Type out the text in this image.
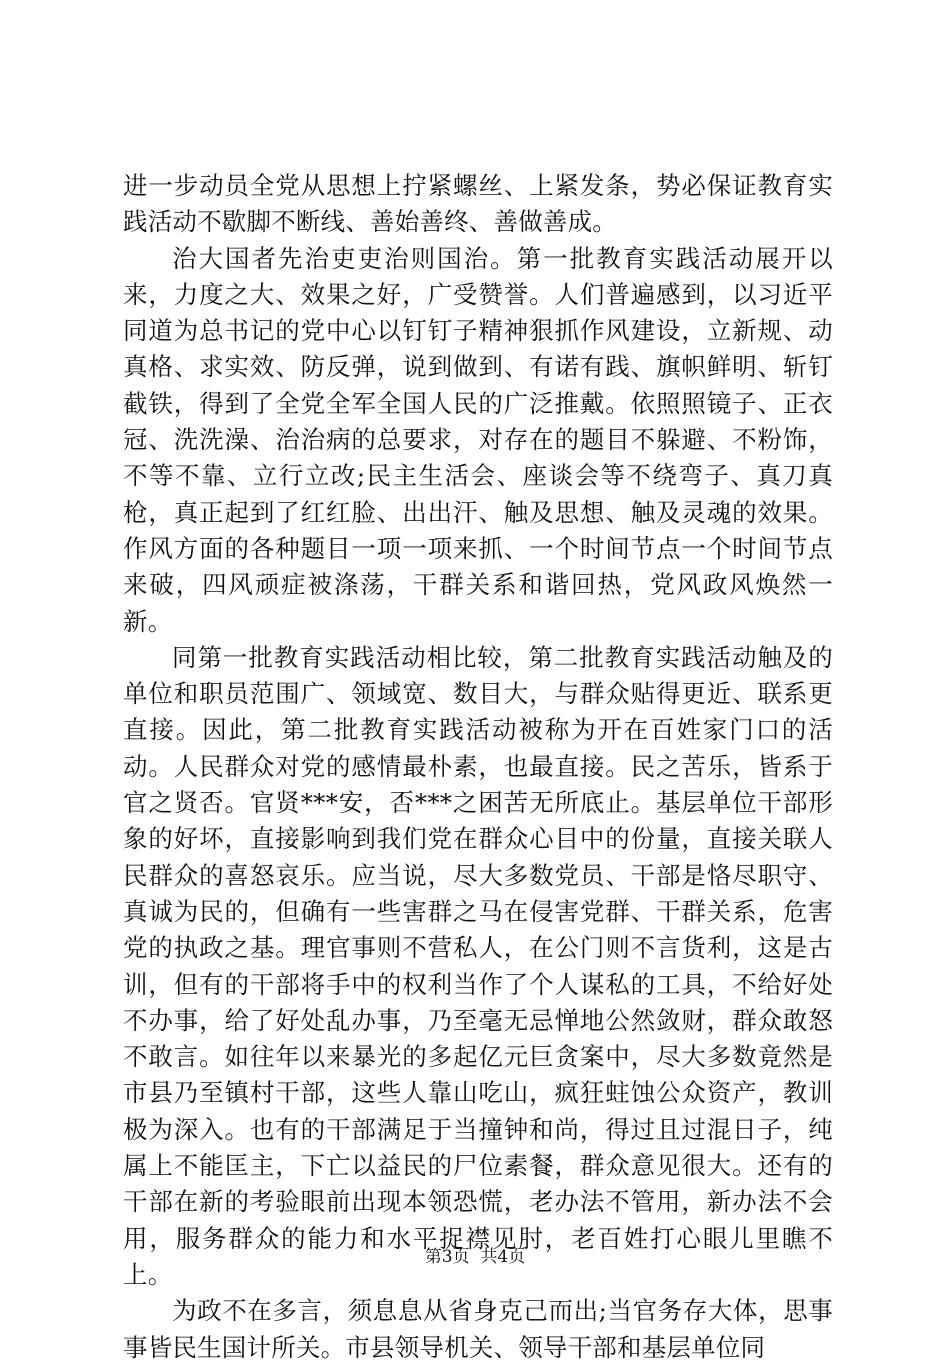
进一步动员全党从思想上拧紧螺丝、上紧发条，势必保证教育实践活动不歇脚不断线、善始善终、善做善成。

治大国者先治吏吏治则国治。第一批教育实践活动展开以来，力度之大、效果之好，广受赞誉。人们普遍感到，以习近平同道为总书记的党中心以钉钉子精神狠抓作风建设，立新规、动真格、求实效、防反弹，说到做到、有诺有践、旗帜鲜明、斩钉截铁，得到了全党全军全国人民的广泛推戴。依照照镜子、正衣冠、洗洗澡、治治病的总要求，对存在的题目不躲避、不粉饰，不等不靠、立行立改;民主生活会、座谈会等不绕弯子、真刀真枪，真正起到了红红脸、出出汗、触及思想、触及灵魂的效果。作风方面的各种题目一项一项来抓、一个时间节点一个时间节点来破，四风顽症被涤荡，干群关系和谐回热，党风政风焕然一新。

同第一批教育实践活动相比较，第二批教育实践活动触及的单位和职员范围广、领域宽、数目大，与群众贴得更近、联系更直接。因此，第二批教育实践活动被称为开在百姓家门口的活动。人民群众对党的感情最朴素，也最直接。民之苦乐，皆系于官之贤否。官贤***安，否***之困苦无所底止。基层单位干部形象的好坏，直接影响到我们党在群众心目中的份量，直接关联人民群众的喜怒哀乐。应当说，尽大多数党员、干部是恪尽职守、真诚为民的，但确有一些害群之马在侵害党群、干群关系，危害党的执政之基。理官事则不营私人，在公门则不言货利，这是古训，但有的干部将手中的权利当作了个人谋私的工具，不给好处不办事，给了好处乱办事，乃至毫无忌惮地公然敛财，群众敢怒不敢言。如往年以来暴光的多起亿元巨贪案中，尽大多数竟然是市县乃至镇村干部，这些人靠山吃山，疯狂蛀蚀公众资产，教训极为深入。也有的干部满足于当撞钟和尚，得过且过混日子，纯属上不能匡主，下亡以益民的尸位素餐，群众意见很大。还有的干部在新的考验眼前出现本领恐慌，老办法不管用，新办法不会用，服务群众的能力和水平捉襟见肘，老百姓打心眼儿里瞧不上。

为政不在多言，须息息从省身克己而出;当官务存大体，思事事皆民生国计所关。市县领导机关、领导干部和基层单位同

第3页  共4页
